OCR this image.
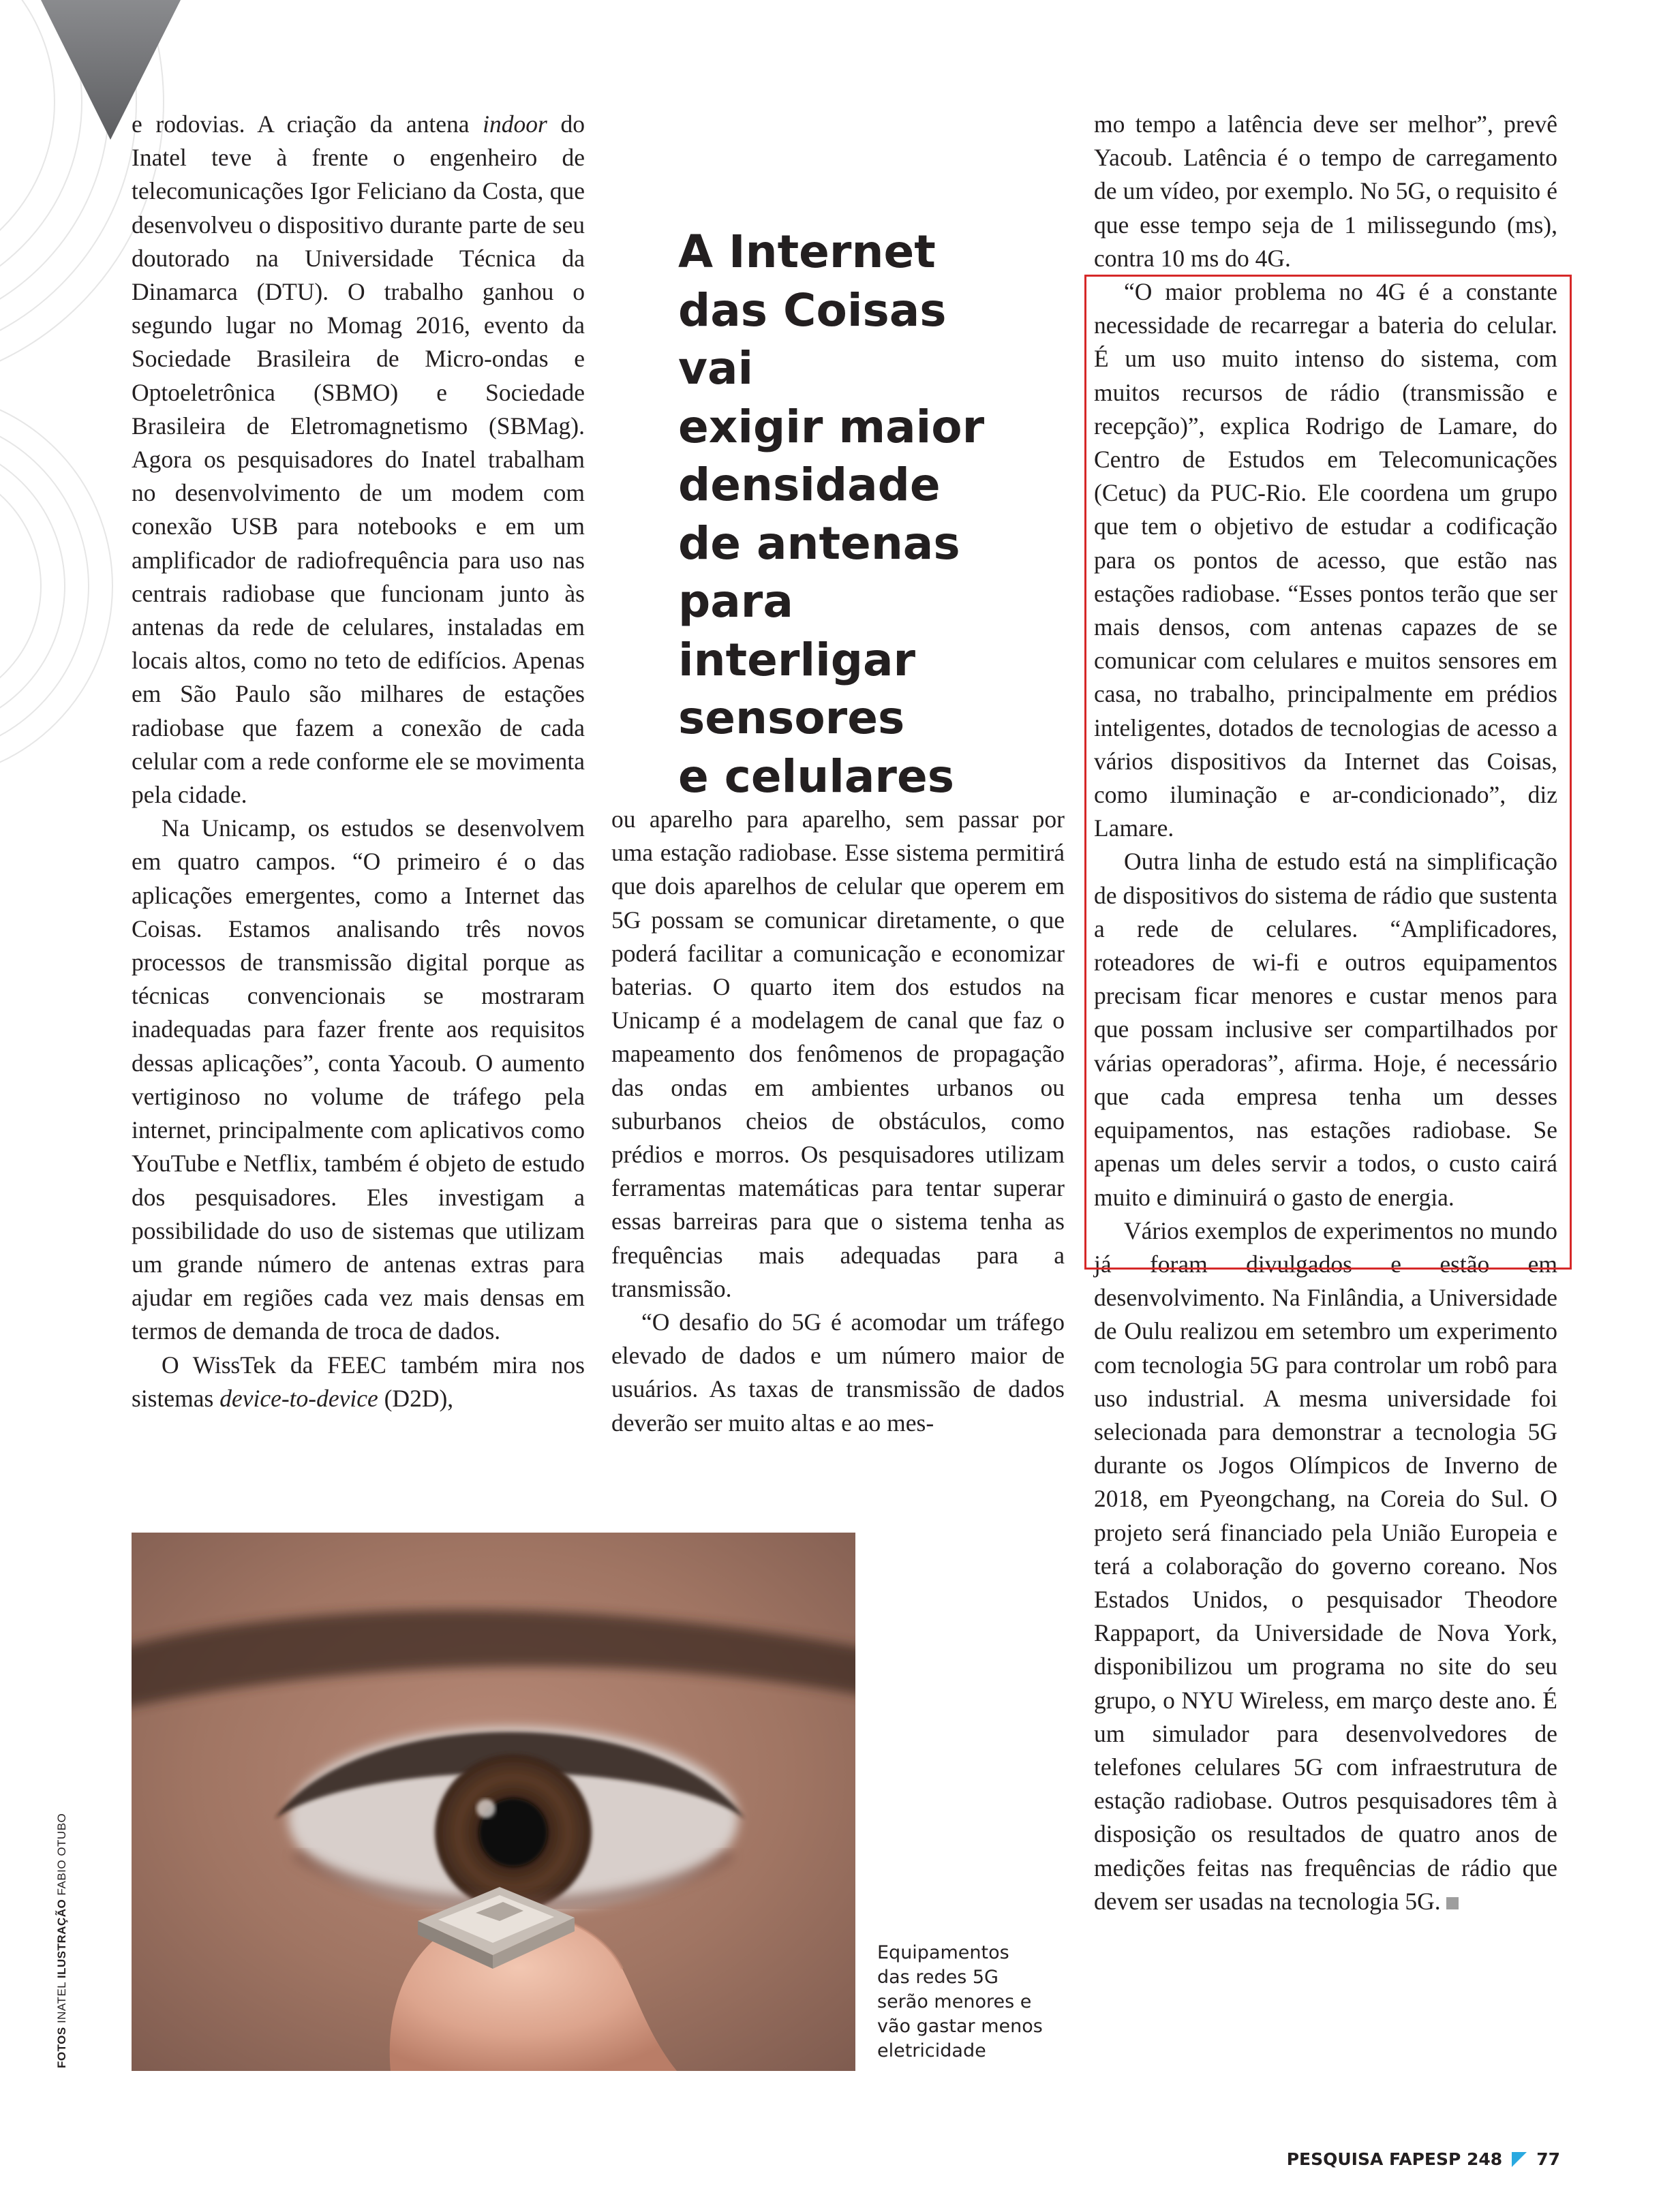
e rodovias. A criação da antena indoor do Inatel teve à frente o engenheiro de telecomunicações Igor Feliciano da Costa, que desenvolveu o dispositivo durante parte de seu doutorado na Universidade Técnica da Dinamarca (DTU). O trabalho ganhou o segundo lugar no Momag 2016, evento da Sociedade Brasileira de Micro-ondas e Optoeletrônica (SBMO) e Sociedade Brasileira de Eletromagnetismo (SBMag). Agora os pesquisadores do Inatel trabalham no desenvolvimento de um modem com conexão USB para notebooks e em um amplificador de radiofrequência para uso nas centrais radiobase que funcionam junto às antenas da rede de celulares, instaladas em locais altos, como no teto de edifícios. Apenas em São Paulo são milhares de estações radiobase que fazem a conexão de cada celular com a rede conforme ele se movimenta pela cidade.

Na Unicamp, os estudos se desenvolvem em quatro campos. “O primeiro é o das aplicações emergentes, como a Internet das Coisas. Estamos analisando três novos processos de transmissão digital porque as técnicas convencionais se mostraram inadequadas para fazer frente aos requisitos dessas aplicações”, conta Yacoub. O aumento vertiginoso no volume de tráfego pela internet, principalmente com aplicativos como YouTube e Netflix, também é objeto de estudo dos pesquisadores. Eles investigam a possibilidade do uso de sistemas que utilizam um grande número de antenas extras para ajudar em regiões cada vez mais densas em termos de demanda de troca de dados.

O WissTek da FEEC também mira nos sistemas device-to-device (D2D),

A Internet
das Coisas vai
exigir maior
densidade
de antenas
para interligar
sensores
e celulares

ou aparelho para aparelho, sem passar por uma estação radiobase. Esse sistema permitirá que dois aparelhos de celular que operem em 5G possam se comunicar diretamente, o que poderá facilitar a comunicação e economizar baterias. O quarto item dos estudos na Unicamp é a modelagem de canal que faz o mapeamento dos fenômenos de propagação das ondas em ambientes urbanos ou suburbanos cheios de obstáculos, como prédios e morros. Os pesquisadores utilizam ferramentas matemáticas para tentar superar essas barreiras para que o sistema tenha as frequências mais adequadas para a transmissão.

“O desafio do 5G é acomodar um tráfego elevado de dados e um número maior de usuários. As taxas de transmissão de dados deverão ser muito altas e ao mes-

mo tempo a latência deve ser melhor”, prevê Yacoub. Latência é o tempo de carregamento de um vídeo, por exemplo. No 5G, o requisito é que esse tempo seja de 1 milissegundo (ms), contra 10 ms do 4G.

“O maior problema no 4G é a constante necessidade de recarregar a bateria do celular. É um uso muito intenso do sistema, com muitos recursos de rádio (transmissão e recepção)”, explica Rodrigo de Lamare, do Centro de Estudos em Telecomunicações (Cetuc) da PUC-Rio. Ele coordena um grupo que tem o objetivo de estudar a codificação para os pontos de acesso, que estão nas estações radiobase. “Esses pontos terão que ser mais densos, com antenas capazes de se comunicar com celulares e muitos sensores em casa, no trabalho, principalmente em prédios inteligentes, dotados de tecnologias de acesso a vários dispositivos da Internet das Coisas, como iluminação e ar-condicionado”, diz Lamare.

Outra linha de estudo está na simplificação de dispositivos do sistema de rádio que sustenta a rede de celulares. “Amplificadores, roteadores de wi-fi e outros equipamentos precisam ficar menores e custar menos para que possam inclusive ser compartilhados por várias operadoras”, afirma. Hoje, é necessário que cada empresa tenha um desses equipamentos, nas estações radiobase. Se apenas um deles servir a todos, o custo cairá muito e diminuirá o gasto de energia.

Vários exemplos de experimentos no mundo já foram divulgados e estão em desenvolvimento. Na Finlândia, a Universidade de Oulu realizou em setembro um experimento com tecnologia 5G para controlar um robô para uso industrial. A mesma universidade foi selecionada para demonstrar a tecnologia 5G durante os Jogos Olímpicos de Inverno de 2018, em Pyeongchang, na Coreia do Sul. O projeto será financiado pela União Europeia e terá a colaboração do governo coreano. Nos Estados Unidos, o pesquisador Theodore Rappaport, da Universidade de Nova York, disponibilizou um programa no site do seu grupo, o NYU Wireless, em março deste ano. É um simulador para desenvolvedores de telefones celulares 5G com infraestrutura de estação radiobase. Outros pesquisadores têm à disposição os resultados de quatro anos de medições feitas nas frequências de rádio que devem ser usadas na tecnologia 5G.

Equipamentos
das redes 5G
serão menores e
vão gastar menos
eletricidade
FOTOS INATEL ILUSTRAÇÃO FABIO OTUBO
PESQUISA FAPESP 248 77
